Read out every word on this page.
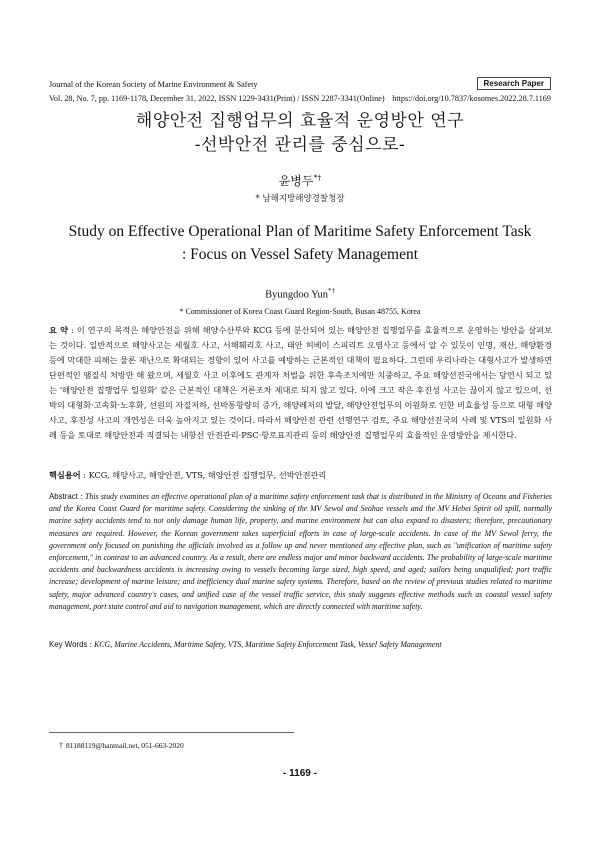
Journal of the Korean Society of Marine Environment & Safety	Research Paper
Vol. 28, No. 7, pp. 1169-1178, December 31, 2022, ISSN 1229-3431(Print) / ISSN 2287-3341(Online) https://doi.org/10.7837/kosomes.2022.28.7.1169
해양안전 집행업무의 효율적 운영방안 연구
-선박안전 관리를 중심으로-
윤병두*†
* 남해지방해양경찰청장
Study on Effective Operational Plan of Maritime Safety Enforcement Task
: Focus on Vessel Safety Management
Byungdoo Yun*†
* Commissioner of Korea Coast Guard Region-South, Busan 48755, Korea
요 약 : 이 연구의 목적은 해양안전을 위해 해양수산부와 KCG 등에 분산되어 있는 해양안전 집행업무를 효율적으로 운영하는 방안을 살펴보는 것이다. 일반적으로 해양사고는 세월호 사고, 서해훼리호 사고, 태안 허베이 스피리트 오염사고 등에서 알 수 있듯이 인명, 재산, 해양환경 등에 막대한 피해는 물론 재난으로 확대되는 경향이 있어 사고를 예방하는 근본적인 대책이 필요하다. 그런데 우리나라는 대형사고가 발생하면 단편적인 땜질식 처방만 해 왔으며, 세월호 사고 이후에도 관계자 처벌을 위한 후속조치에만 치중하고, 주요 해양선진국에서는 당연시 되고 있는 '해양안전 집행업무 일원화' 같은 근본적인 대책은 거론조차 제대로 되지 않고 있다. 이에 크고 작은 후진성 사고는 끊이지 않고 있으며, 선박의 대형화·고속화·노후화, 선원의 자질저하, 선박통항량의 증가, 해양레저의 발달, 해양안전업무의 이원화로 인한 비효율성 등으로 대형 해양사고, 후진성 사고의 개연성은 더욱 높아지고 있는 것이다. 따라서 해양안전 관련 선행연구 검토, 주요 해양선진국의 사례 및 VTS의 일원화 사례 등을 토대로 해양안전과 직결되는 내항선 안전관리·PSC·항로표지관리 등의 해양안전 집행업무의 효율적인 운영방안을 제시한다.
핵심용어 : KCG, 해양사고, 해양안전, VTS, 해양안전 집행업무, 선박안전관리
Abstract : This study examines an effective operational plan of a maritime safety enforcement task that is distributed in the Ministry of Oceans and Fisheries and the Korea Coast Guard for maritime safety. Considering the sinking of the MV Sewol and Seohae vessels and the MV Hebei Spirit oil spill, normally marine safety accidents tend to not only damage human life, property, and marine environment but can also expand to disasters; therefore, precautionary measures are required. However, the Korean government takes superficial efforts in case of large-scale accidents. In case of the MV Sewol ferry, the government only focused on punishing the officials involved as a follow up and never mentioned any effective plan, such as "unification of maritime safety enforcement," in contrast to an advanced country. As a result, there are endless major and minor backward accidents. The probability of large-scale maritime accidents and backwardness accidents is increasing owing to vessels becoming large sized, high speed, and aged; sailors being unqualified; port traffic increase; development of marine leisure; and inefficiency dual marine safety systems. Therefore, based on the review of previous studies related to maritime safety, major advanced country's cases, and unified case of the vessel traffic service, this study suggests effective methods such as coastal vessel safety management, port state control and aid to navigation management, which are directly connected with maritime safety.
Key Words : KCG, Marine Accidents, Maritime Safety, VTS, Maritime Safety Enforcement Task, Vessel Safety Management
† 81188119@hanmail.net, 051-663-2020
- 1169 -
